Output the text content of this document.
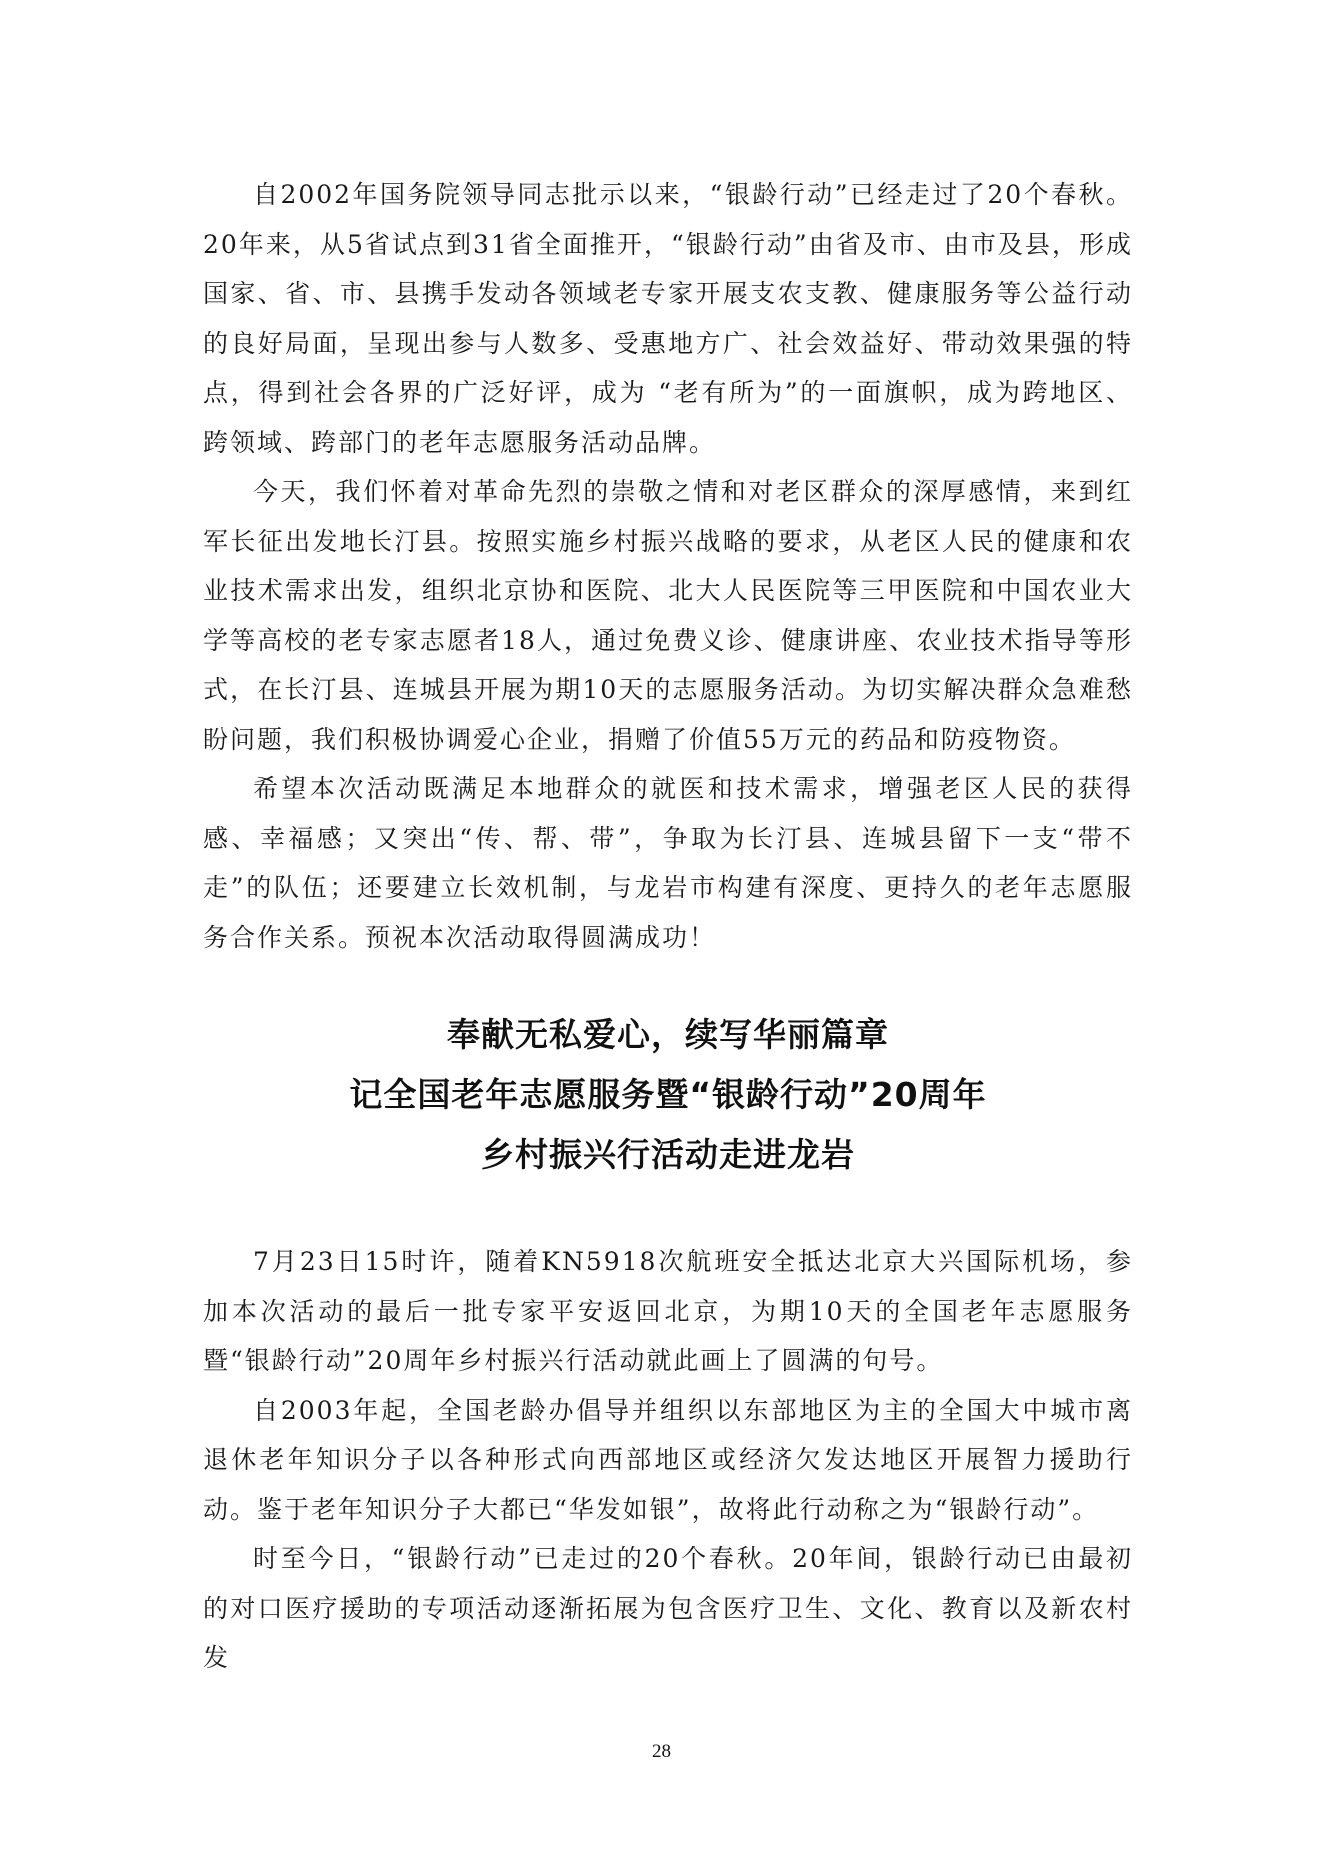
自2002年国务院领导同志批示以来，“银龄行动”已经走过了20个春秋。20年来，从5省试点到31省全面推开，“银龄行动”由省及市、由市及县，形成国家、省、市、县携手发动各领域老专家开展支农支教、健康服务等公益行动的良好局面，呈现出参与人数多、受惠地方广、社会效益好、带动效果强的特点，得到社会各界的广泛好评，成为 “老有所为”的一面旗帜，成为跨地区、跨领域、跨部门的老年志愿服务活动品牌。

今天，我们怀着对革命先烈的崇敬之情和对老区群众的深厚感情，来到红军长征出发地长汀县。按照实施乡村振兴战略的要求，从老区人民的健康和农业技术需求出发，组织北京协和医院、北大人民医院等三甲医院和中国农业大学等高校的老专家志愿者18人，通过免费义诊、健康讲座、农业技术指导等形式，在长汀县、连城县开展为期10天的志愿服务活动。为切实解决群众急难愁盼问题，我们积极协调爱心企业，捐赠了价值55万元的药品和防疫物资。

希望本次活动既满足本地群众的就医和技术需求，增强老区人民的获得感、幸福感；又突出“传、帮、带”，争取为长汀县、连城县留下一支“带不走”的队伍；还要建立长效机制，与龙岩市构建有深度、更持久的老年志愿服务合作关系。预祝本次活动取得圆满成功！

奉献无私爱心，续写华丽篇章
记全国老年志愿服务暨“银龄行动”20周年
乡村振兴行活动走进龙岩

7月23日15时许，随着KN5918次航班安全抵达北京大兴国际机场，参加本次活动的最后一批专家平安返回北京，为期10天的全国老年志愿服务暨“银龄行动”20周年乡村振兴行活动就此画上了圆满的句号。

自2003年起，全国老龄办倡导并组织以东部地区为主的全国大中城市离退休老年知识分子以各种形式向西部地区或经济欠发达地区开展智力援助行动。鉴于老年知识分子大都已“华发如银”，故将此行动称之为“银龄行动”。

时至今日，“银龄行动”已走过的20个春秋。20年间，银龄行动已由最初的对口医疗援助的专项活动逐渐拓展为包含医疗卫生、文化、教育以及新农村发

28
